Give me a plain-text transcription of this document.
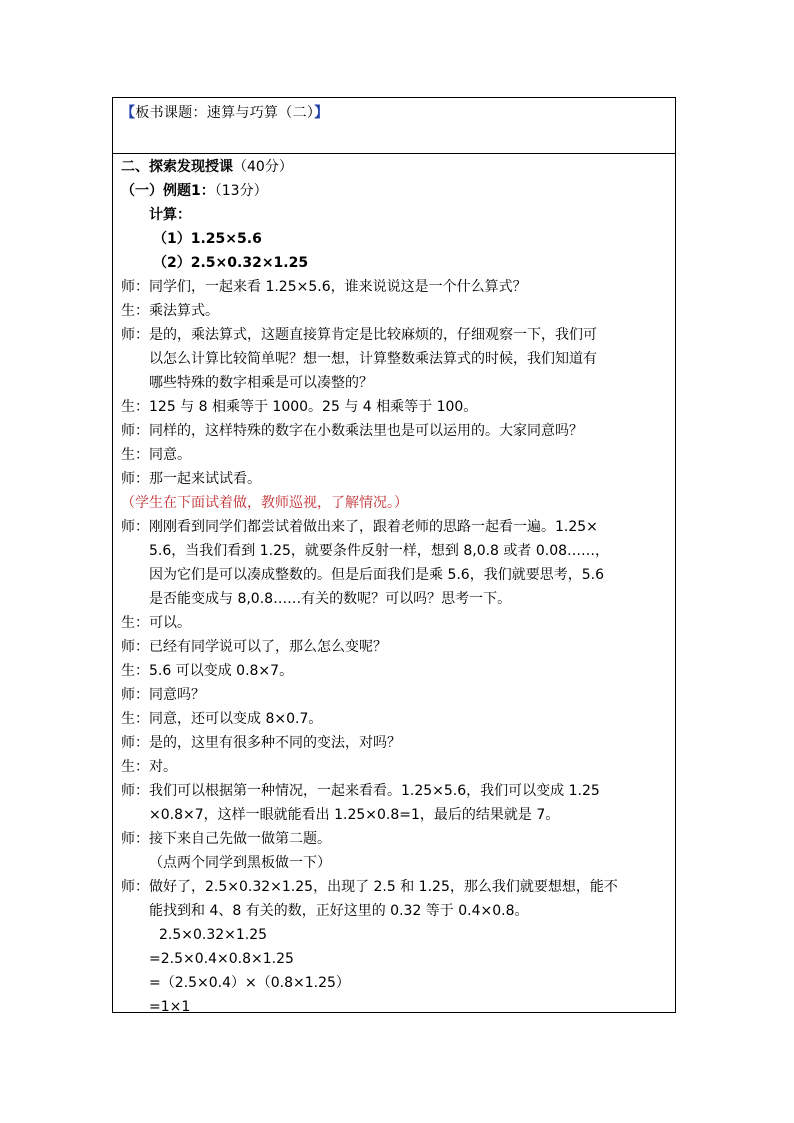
【板书课题：速算与巧算（二）】
二、探索发现授课（40分）
（一）例题1：（13分）
计算：
（1）1.25×5.6
（2）2.5×0.32×1.25
师：同学们，一起来看 1.25×5.6，谁来说说这是一个什么算式？
生：乘法算式。
师：是的，乘法算式，这题直接算肯定是比较麻烦的，仔细观察一下，我们可
以怎么计算比较简单呢？想一想，计算整数乘法算式的时候，我们知道有
哪些特殊的数字相乘是可以凑整的？
生：125 与 8 相乘等于 1000。25 与 4 相乘等于 100。
师：同样的，这样特殊的数字在小数乘法里也是可以运用的。大家同意吗？
生：同意。
师：那一起来试试看。
（学生在下面试着做，教师巡视，了解情况。）
师：刚刚看到同学们都尝试着做出来了，跟着老师的思路一起看一遍。1.25×
5.6，当我们看到 1.25，就要条件反射一样，想到 8,0.8 或者 0.08……，
因为它们是可以凑成整数的。但是后面我们是乘 5.6，我们就要思考，5.6
是否能变成与 8,0.8……有关的数呢？可以吗？思考一下。
生：可以。
师：已经有同学说可以了，那么怎么变呢？
生：5.6 可以变成 0.8×7。
师：同意吗？
生：同意，还可以变成 8×0.7。
师：是的，这里有很多种不同的变法，对吗？
生：对。
师：我们可以根据第一种情况，一起来看看。1.25×5.6，我们可以变成 1.25
×0.8×7，这样一眼就能看出 1.25×0.8=1，最后的结果就是 7。
师：接下来自己先做一做第二题。
（点两个同学到黑板做一下）
师：做好了，2.5×0.32×1.25，出现了 2.5 和 1.25，那么我们就要想想，能不
能找到和 4、8 有关的数，正好这里的 0.32 等于 0.4×0.8。
2.5×0.32×1.25
=2.5×0.4×0.8×1.25
=（2.5×0.4）×（0.8×1.25）
=1×1
